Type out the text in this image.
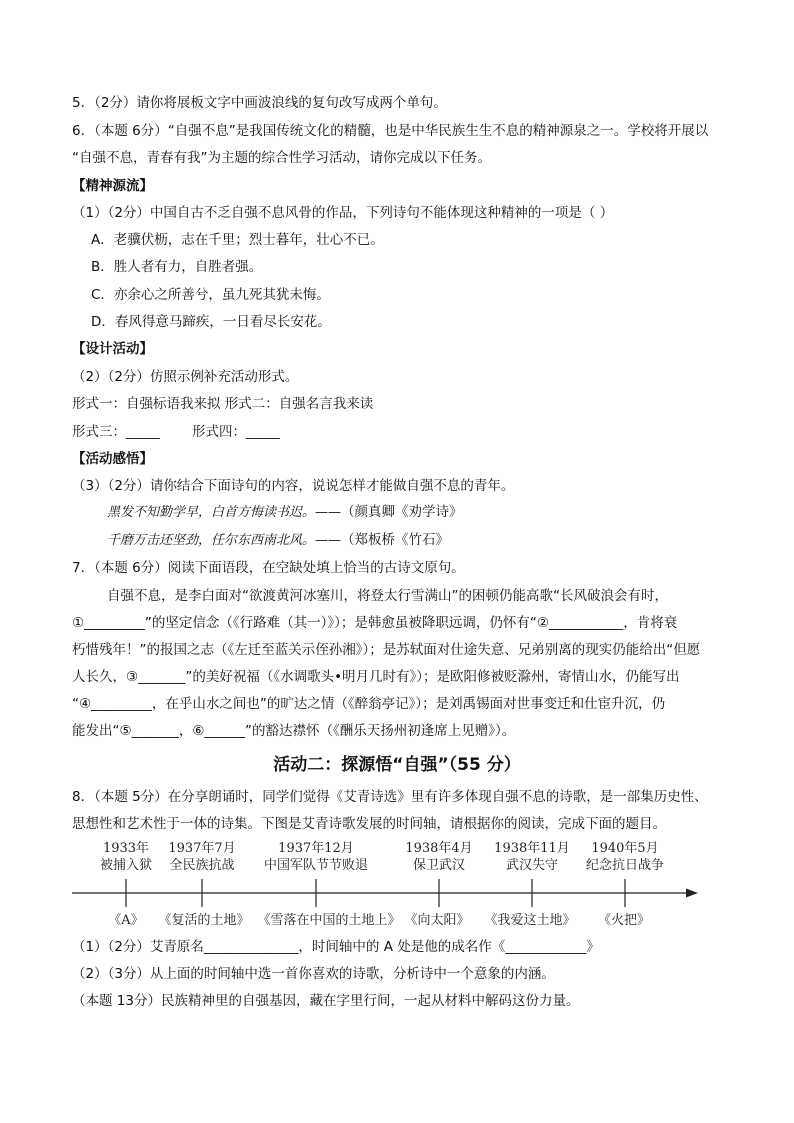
5．（2分）请你将展板文字中画波浪线的复句改写成两个单句。
6．（本题 6分）“自强不息”是我国传统文化的精髓，也是中华民族生生不息的精神源泉之一。学校将开展以
“自强不息，青春有我”为主题的综合性学习活动，请你完成以下任务。
【精神源流】
（1）（2分）中国自古不乏自强不息风骨的作品，下列诗句不能体现这种精神的一项是（ ）
A．老骥伏枥，志在千里；烈士暮年，壮心不已。
B．胜人者有力，自胜者强。
C．亦余心之所善兮，虽九死其犹未悔。
D．春风得意马蹄疾，一日看尽长安花。
【设计活动】
（2）（2分）仿照示例补充活动形式。
形式一：自强标语我来拟 形式二：自强名言我来读
形式三：_____ 形式四：_____
【活动感悟】
（3）（2分）请你结合下面诗句的内容，说说怎样才能做自强不息的青年。
黑发不知勤学早，白首方悔读书迟。——（颜真卿《劝学诗》
千磨万击还坚劲，任尔东西南北风。——（郑板桥《竹石》
7．（本题 6分）阅读下面语段，在空缺处填上恰当的古诗文原句。
自强不息，是李白面对“欲渡黄河冰塞川，将登太行雪满山”的困顿仍能高歌“长风破浪会有时，
①_________”的坚定信念（《行路难（其一）》）；是韩愈虽被降职远调，仍怀有“②___________，肯将衰
朽惜残年！”的报国之志（《左迁至蓝关示侄孙湘》）；是苏轼面对仕途失意、兄弟别离的现实仍能给出“但愿
人长久，③_______”的美好祝福（《水调歌头•明月几时有》）；是欧阳修被贬滁州，寄情山水，仍能写出
“④_________，在乎山水之间也”的旷达之情（《醉翁亭记》）；是刘禹锡面对世事变迁和仕宦升沉，仍
能发出“⑤_______，⑥______”的豁达襟怀（《酬乐天扬州初逢席上见赠》）。
活动二：探源悟“自强”（55 分）
8．（本题 5分）在分享朗诵时，同学们觉得《艾青诗选》里有许多体现自强不息的诗歌，是一部集历史性、
思想性和艺术性于一体的诗集。下图是艾青诗歌发展的时间轴，请根据你的阅读，完成下面的题目。
1933年
被捕入狱
《A》
1937年7月
全民族抗战
《复活的土地》
1937年12月
中国军队节节败退
《雪落在中国的土地上》
1938年4月
保卫武汉
《向太阳》
1938年11月
武汉失守
《我爱这土地》
1940年5月
纪念抗日战争
《火把》
（1）（2分）艾青原名______________，时间轴中的 A 处是他的成名作《____________》
（2）（3分）从上面的时间轴中选一首你喜欢的诗歌，分析诗中一个意象的内涵。
（本题 13分）民族精神里的自强基因，藏在字里行间，一起从材料中解码这份力量。
